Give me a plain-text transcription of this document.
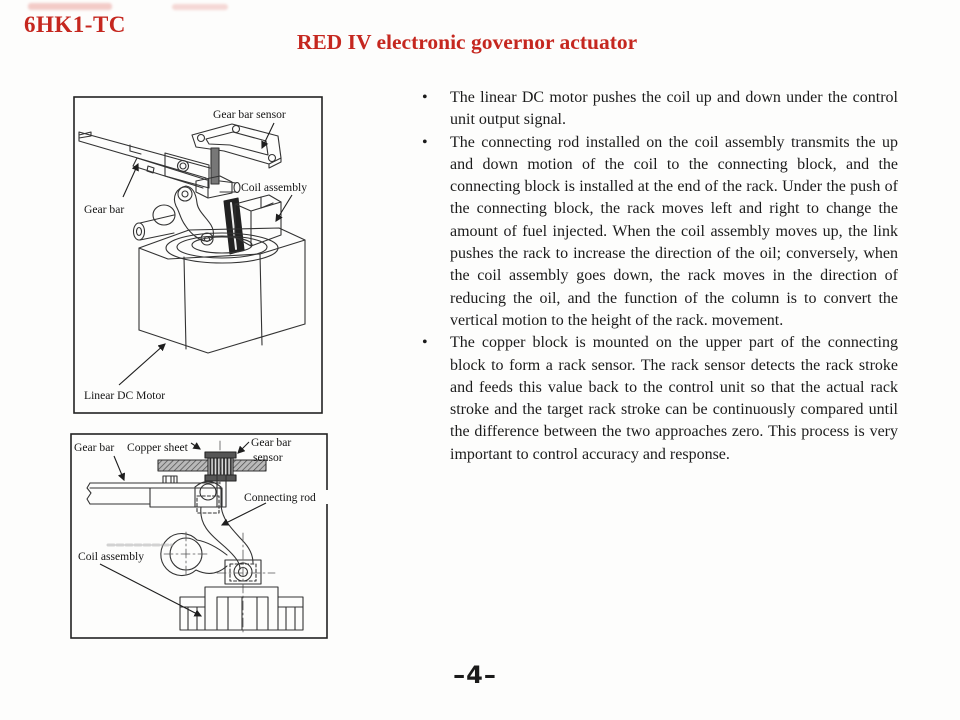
6HK1-TC
RED IV electronic governor actuator
Gear bar sensor
Coil assembly
Gear bar
Linear DC Motor
Gear bar Copper sheet	Gear bar
sensor
Connecting rod
Coil assembly
•	The linear DC motor pushes the coil up and down under the control unit output signal.
•	The connecting rod installed on the coil assembly transmits the up and down motion of the coil to the connecting block, and the connecting block is installed at the end of the rack. Under the push of the connecting block, the rack moves left and right to change the amount of fuel injected. When the coil assembly moves up, the link pushes the rack to increase the direction of the oil; conversely, when the coil assembly goes down, the rack moves in the direction of reducing the oil, and the function of the column is to convert the vertical motion to the height of the rack. movement.
•	The copper block is mounted on the upper part of the connecting block to form a rack sensor. The rack sensor detects the rack stroke and feeds this value back to the control unit so that the actual rack stroke and the target rack stroke can be continuously compared until the difference between the two approaches zero. This process is very important to control accuracy and response.
–4–
